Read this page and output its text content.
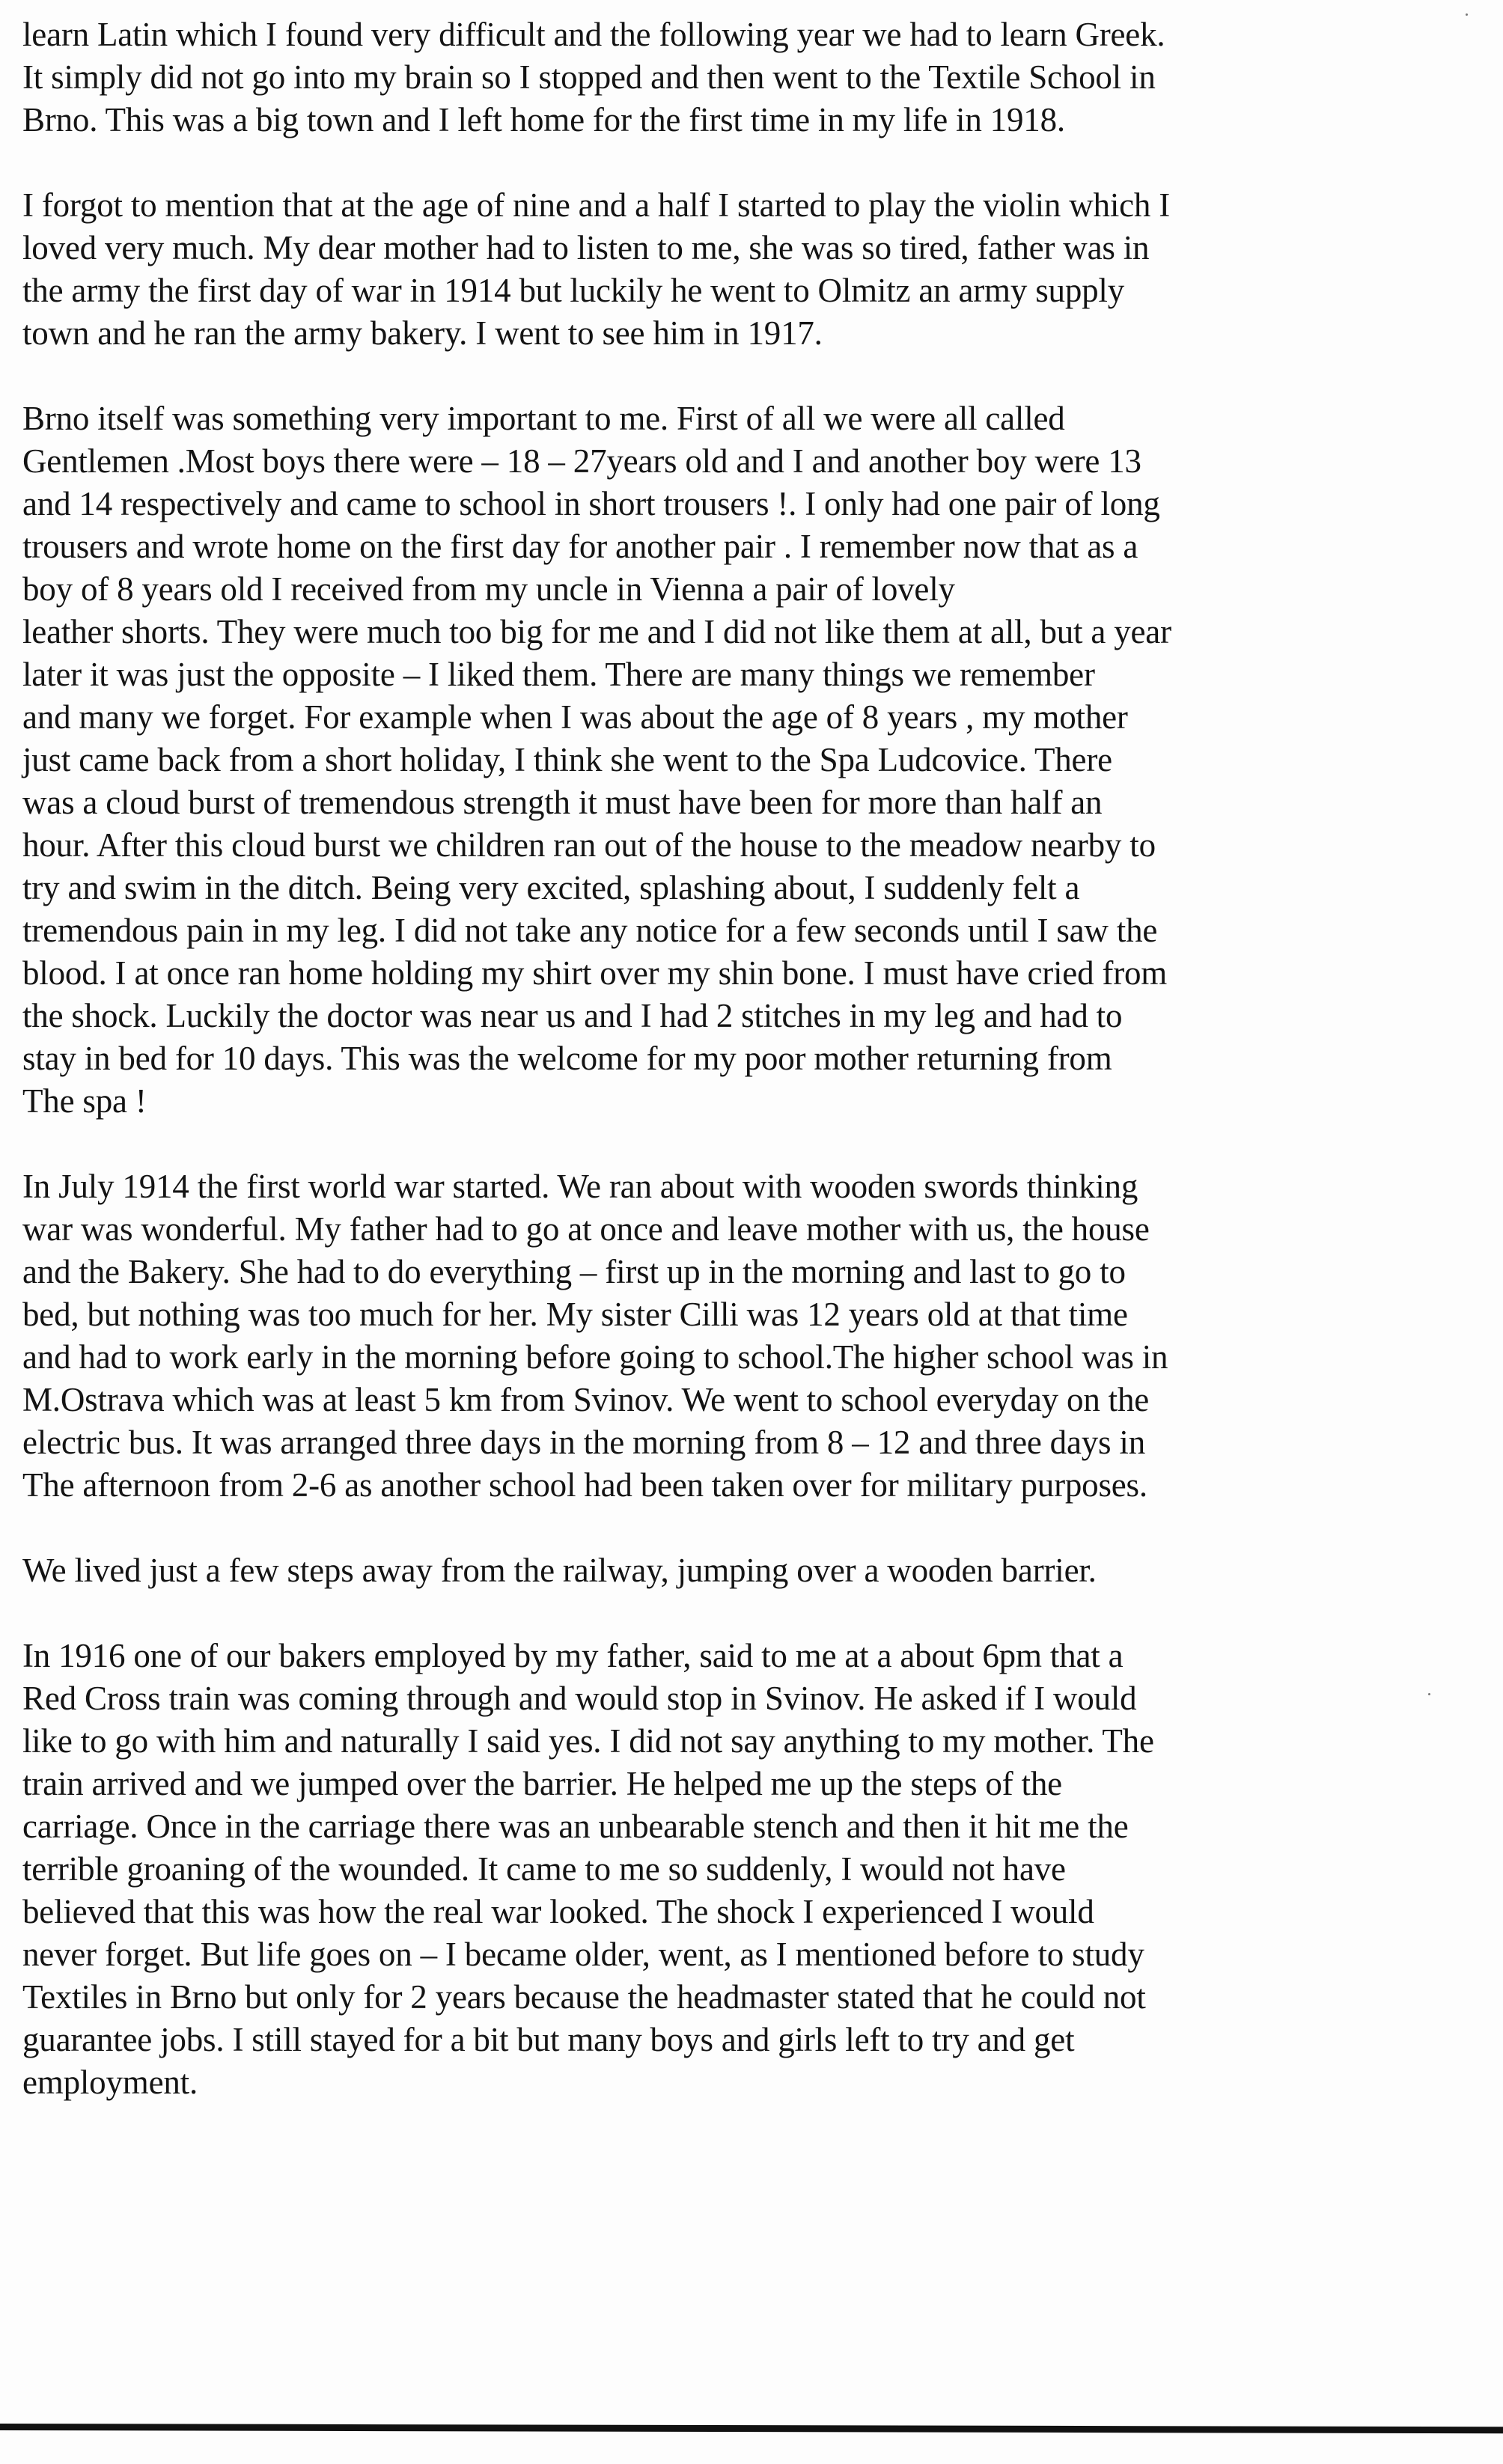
learn Latin which I found very difficult and the following year we had to learn Greek.
It simply did not go into my brain so I stopped and then went to the Textile School in
Brno. This was a big town and I left home for the first time in my life in 1918.

I forgot to mention that at the age of nine and a half I started to play the violin which I
loved very much. My dear mother had to listen to me, she was so tired, father was in
the army the first day of war in 1914 but luckily he went to Olmitz an army supply
town and he ran the army bakery. I went to see him in 1917.

Brno itself was something very important to me. First of all we were all called
Gentlemen .Most boys there were – 18 – 27years old and I and another boy were 13
and 14 respectively and came to school in short trousers !. I only had one pair of long
trousers and wrote home on the first day for another pair . I remember now that as a
boy of 8 years old I received from my uncle in Vienna a pair of lovely
leather shorts. They were much too big for me and I did not like them at all, but a year
later it was just the opposite – I liked them. There are many things we remember
and many we forget. For example when I was about the age of 8 years , my mother
just came back from a short holiday, I think she went to the Spa Ludcovice. There
was a cloud burst of tremendous strength it must have been for more than half an
hour. After this cloud burst we children ran out of the house to the meadow nearby to
try and swim in the ditch. Being very excited, splashing about, I suddenly felt a
tremendous pain in my leg. I did not take any notice for a few seconds until I saw the
blood. I at once ran home holding my shirt over my shin bone. I must have cried from
the shock. Luckily the doctor was near us and I had 2 stitches in my leg and had to
stay in bed for 10 days. This was the welcome for my poor mother returning from
The spa !

In July 1914 the first world war started. We ran about with wooden swords thinking
war was wonderful. My father had to go at once and leave mother with us, the house
and the Bakery. She had to do everything – first up in the morning and last to go to
bed, but nothing was too much for her. My sister Cilli was 12 years old at that time
and had to work early in the morning before going to school.The higher school was in
M.Ostrava which was at least 5 km from Svinov. We went to school everyday on the
electric bus. It was arranged three days in the morning from 8 – 12 and three days in
The afternoon from 2-6 as another school had been taken over for military purposes.

We lived just a few steps away from the railway, jumping over a wooden barrier.

In 1916 one of our bakers employed by my father, said to me at a about 6pm that a
Red Cross train was coming through and would stop in Svinov. He asked if I would
like to go with him and naturally I said yes. I did not say anything to my mother. The
train arrived and we jumped over the barrier. He helped me up the steps of the
carriage. Once in the carriage there was an unbearable stench and then it hit me the
terrible groaning of the wounded. It came to me so suddenly, I would not have
believed that this was how the real war looked. The shock I experienced I would
never forget. But life goes on – I became older, went, as I mentioned before to study
Textiles in Brno but only for 2 years because the headmaster stated that he could not
guarantee jobs. I still stayed for a bit but many boys and girls left to try and get
employment.
